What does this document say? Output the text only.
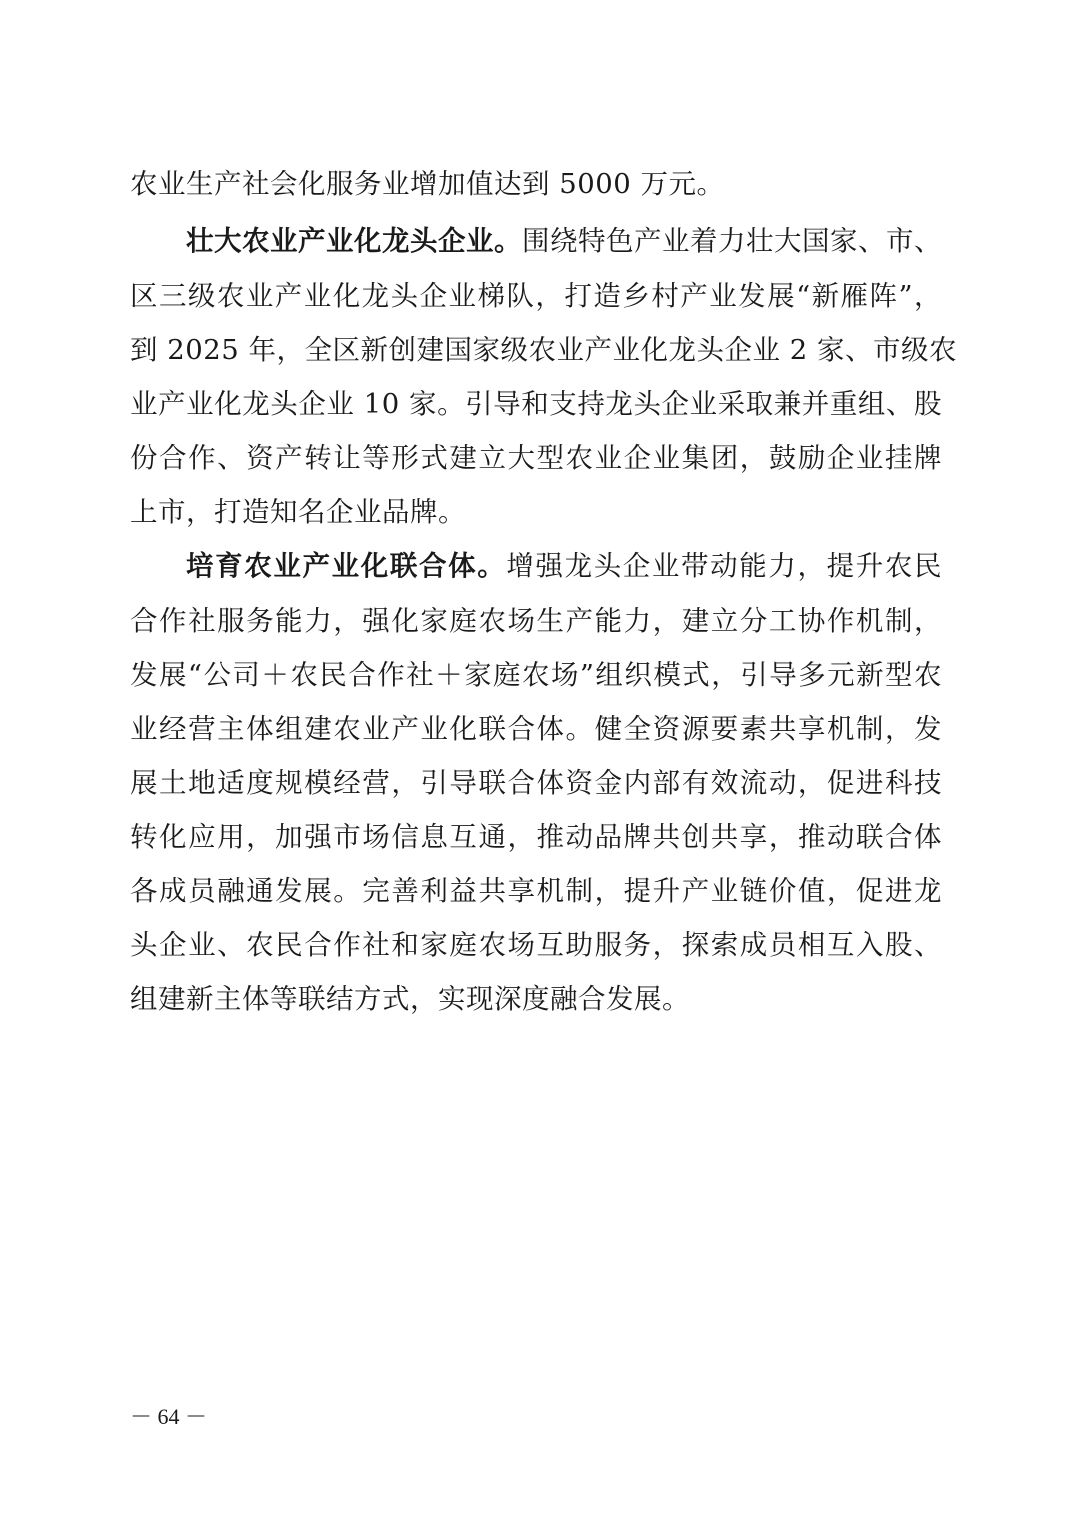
农业生产社会化服务业增加值达到 5000 万元。
壮大农业产业化龙头企业。围绕特色产业着力壮大国家、市、
区三级农业产业化龙头企业梯队，打造乡村产业发展“新雁阵”，
到 2025 年，全区新创建国家级农业产业化龙头企业 2 家、市级农
业产业化龙头企业 10 家。引导和支持龙头企业采取兼并重组、股
份合作、资产转让等形式建立大型农业企业集团，鼓励企业挂牌
上市，打造知名企业品牌。
培育农业产业化联合体。增强龙头企业带动能力，提升农民
合作社服务能力，强化家庭农场生产能力，建立分工协作机制，
发展“公司＋农民合作社＋家庭农场”组织模式，引导多元新型农
业经营主体组建农业产业化联合体。健全资源要素共享机制，发
展土地适度规模经营，引导联合体资金内部有效流动，促进科技
转化应用，加强市场信息互通，推动品牌共创共享，推动联合体
各成员融通发展。完善利益共享机制，提升产业链价值，促进龙
头企业、农民合作社和家庭农场互助服务，探索成员相互入股、
组建新主体等联结方式，实现深度融合发展。
－ 64 －
